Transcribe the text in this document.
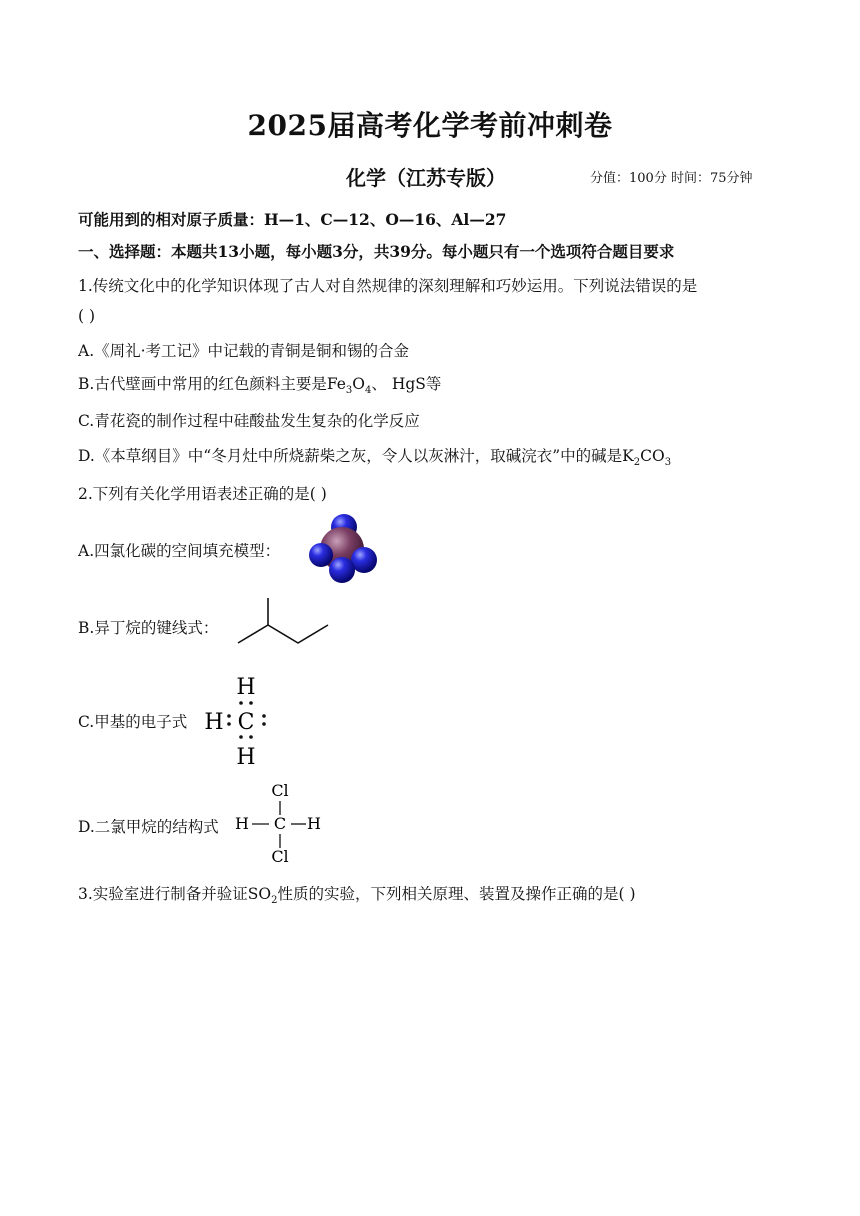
2025届高考化学考前冲刺卷
化学（江苏专版）	分值：100分 时间：75分钟
可能用到的相对原子质量：H—1、C—12、O—16、Al—27
一、选择题：本题共13小题，每小题3分，共39分。每小题只有一个选项符合题目要求
1.传统文化中的化学知识体现了古人对自然规律的深刻理解和巧妙运用。下列说法错误的是
( )
A.《周礼·考工记》中记载的青铜是铜和锡的合金
B.古代壁画中常用的红色颜料主要是$Fe_3O_4$、 HgS等
C.青花瓷的制作过程中硅酸盐发生复杂的化学反应
D.《本草纲目》中“冬月灶中所烧薪柴之灰，令人以灰淋汁，取碱浣衣”中的碱是$K_2CO_3$
2.下列有关化学用语表述正确的是( )
A.四氯化碳的空间填充模型：
B.异丁烷的键线式：
C.甲基的电子式
H
H C
H
D.二氯甲烷的结构式
Cl
H C H
Cl
3.实验室进行制备并验证$SO_2$性质的实验，下列相关原理、装置及操作正确的是( )
